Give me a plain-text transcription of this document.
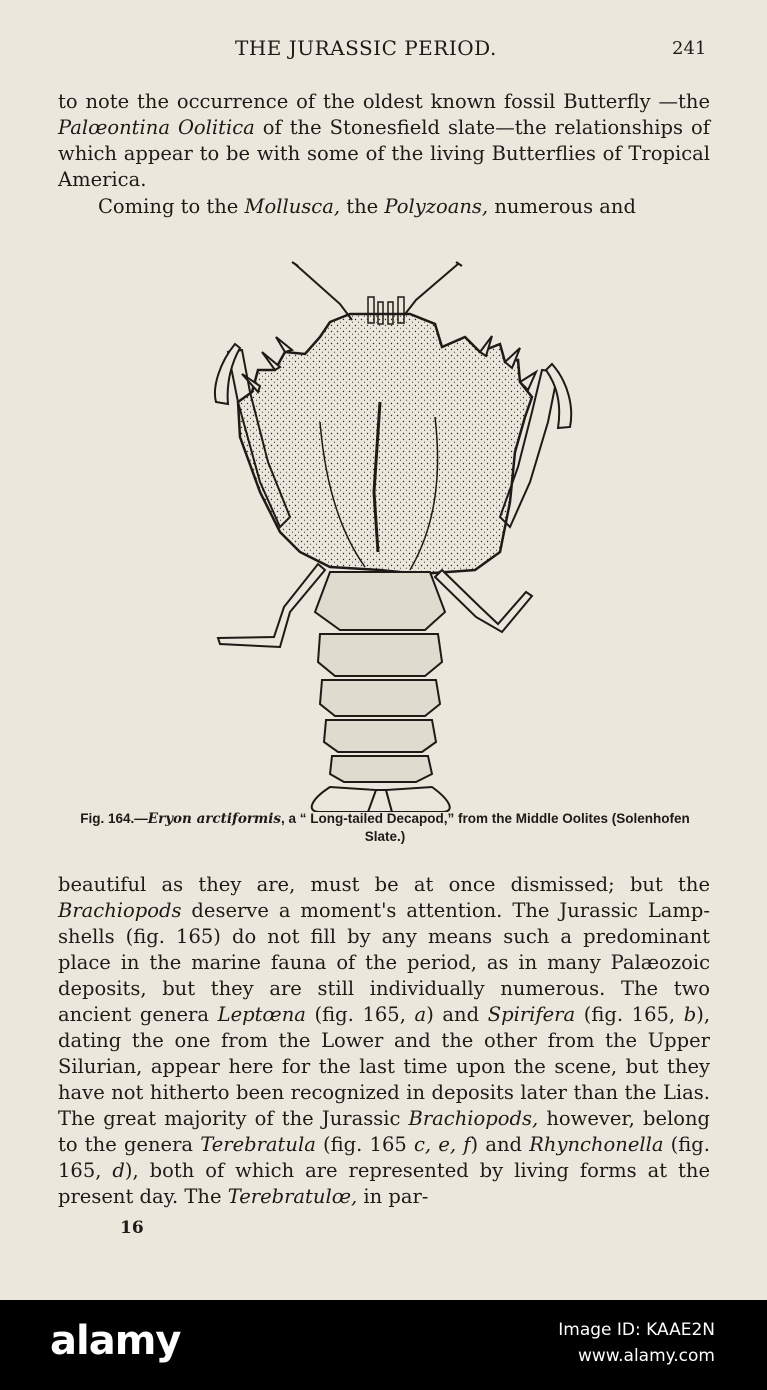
THE JURASSIC PERIOD.	241

to note the occurrence of the oldest known fossil Butterfly —the Palœontina Oolitica of the Stonesfield slate—the relationships of which appear to be with some of the living Butterflies of Tropical America.

Coming to the Mollusca, the Polyzoans, numerous and

Fig. 164.—Eryon arctiformis, a “ Long-tailed Decapod,” from the Middle Oolites (Solenhofen Slate.)

beautiful as they are, must be at once dismissed; but the Brachiopods deserve a moment's attention. The Jurassic Lamp-shells (fig. 165) do not fill by any means such a predominant place in the marine fauna of the period, as in many Palæozoic deposits, but they are still individually numerous. The two ancient genera Leptœna (fig. 165, a) and Spirifera (fig. 165, b), dating the one from the Lower and the other from the Upper Silurian, appear here for the last time upon the scene, but they have not hitherto been recognized in deposits later than the Lias. The great majority of the Jurassic Brachiopods, however, belong to the genera Terebratula (fig. 165 c, e, f) and Rhynchonella (fig. 165, d), both of which are represented by living forms at the present day. The Terebratulœ, in par-

16
alamy	Image ID: KAAE2N
www.alamy.com
